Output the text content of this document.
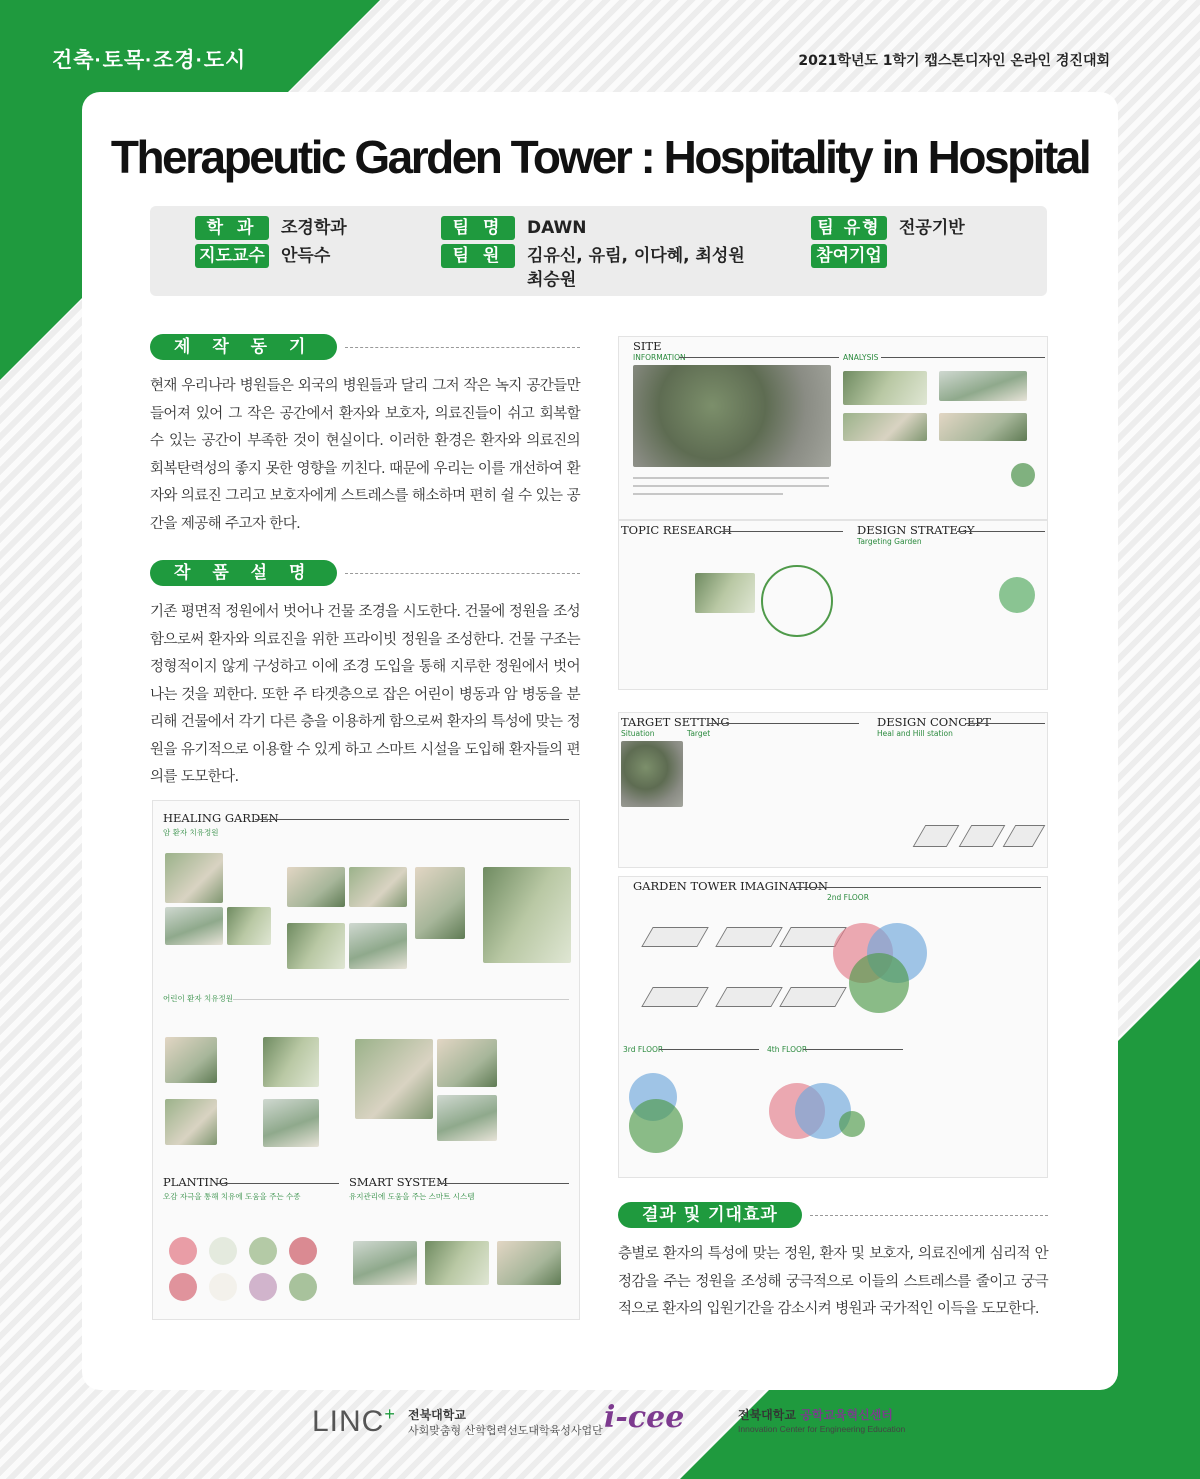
건축·토목·조경·도시	2021학년도 1학기 캡스톤디자인 온라인 경진대회
Therapeutic Garden Tower : Hospitality in Hospital
학 과	조경학과
지도교수 안득수
팀 명	DAWN
팀 원	김유신, 유림, 이다혜, 최성원
최승원
팀 유형	전공기반
참여기업
제 작 동 기
현재 우리나라 병원들은 외국의 병원들과 달리 그저 작은 녹지 공간들만 들어져 있어 그 작은 공간에서 환자와 보호자, 의료진들이 쉬고 회복할 수 있는 공간이 부족한 것이 현실이다. 이러한 환경은 환자와 의료진의 회복탄력성의 좋지 못한 영향을 끼친다. 때문에 우리는 이를 개선하여 환자와 의료진 그리고 보호자에게 스트레스를 해소하며 편히 쉴 수 있는 공간을 제공해 주고자 한다.
작 품 설 명
기존 평면적 정원에서 벗어나 건물 조경을 시도한다. 건물에 정원을 조성함으로써 환자와 의료진을 위한 프라이빗 정원을 조성한다. 건물 구조는 정형적이지 않게 구성하고 이에 조경 도입을 통해 지루한 정원에서 벗어나는 것을 꾀한다. 또한 주 타겟층으로 잡은 어린이 병동과 암 병동을 분리해 건물에서 각기 다른 층을 이용하게 함으로써 환자의 특성에 맞는 정원을 유기적으로 이용할 수 있게 하고 스마트 시설을 도입해 환자들의 편의를 도모한다.
HEALING GARDEN
암 환자 치유정원
어린이 환자 치유정원
PLANTING
오감 자극을 통해 치유에 도움을 주는 수종
SMART SYSTEM
유지관리에 도움을 주는 스마트 시스템
SITE
INFORMATION	ANALYSIS
TOPIC RESEARCH	DESIGN STRATEGY
Targeting Garden
TARGET SETTING
Situation	Target
DESIGN CONCEPT
Heal and Hill station
GARDEN TOWER IMAGINATION
2nd FLOOR
3rd FLOOR	4th FLOOR
결과 및 기대효과
층별로 환자의 특성에 맞는 정원, 환자 및 보호자, 의료진에게 심리적 안정감을 주는 정원을 조성해 궁극적으로 이들의 스트레스를 줄이고 궁극적으로 환자의 입원기간을 감소시켜 병원과 국가적인 이득을 도모한다.
LINC+ 전북대학교
사회맞춤형 산학협력선도대학육성사업단 i-cee	전북대학교 공학교육혁신센터
Innovation Center for Engineering Education
